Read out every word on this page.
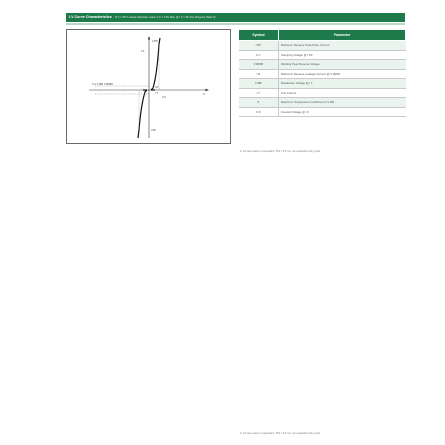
I-V Curve Characteristics (T A = 25°C unless otherwise noted, V F = 3.5V Max. @ I F = 35 A for all types) (Note 3)
I PP
I F
V
V C V BR V RWM
I R
I T
V F
I PP
Symbol	Parameter
I PP	Maximum Reverse Peak Pulse Current
V C	Clamping Voltage @ I PP
V RWM	Working Peak Reverse Voltage
I R	Maximum Reverse Leakage Current @ V RWM
V BR	Breakdown Voltage @ I T
I T	Test Current
θ	Maximum Temperature Coefficient of V BR
V F	Forward Voltage @ I F
3. 1/2 sine wave or equivalent, PW = 8.3 ms, non-repetitive duty cycle
3. 1/2 sine wave or equivalent, PW = 8.3 ms, non-repetitive duty cycle
